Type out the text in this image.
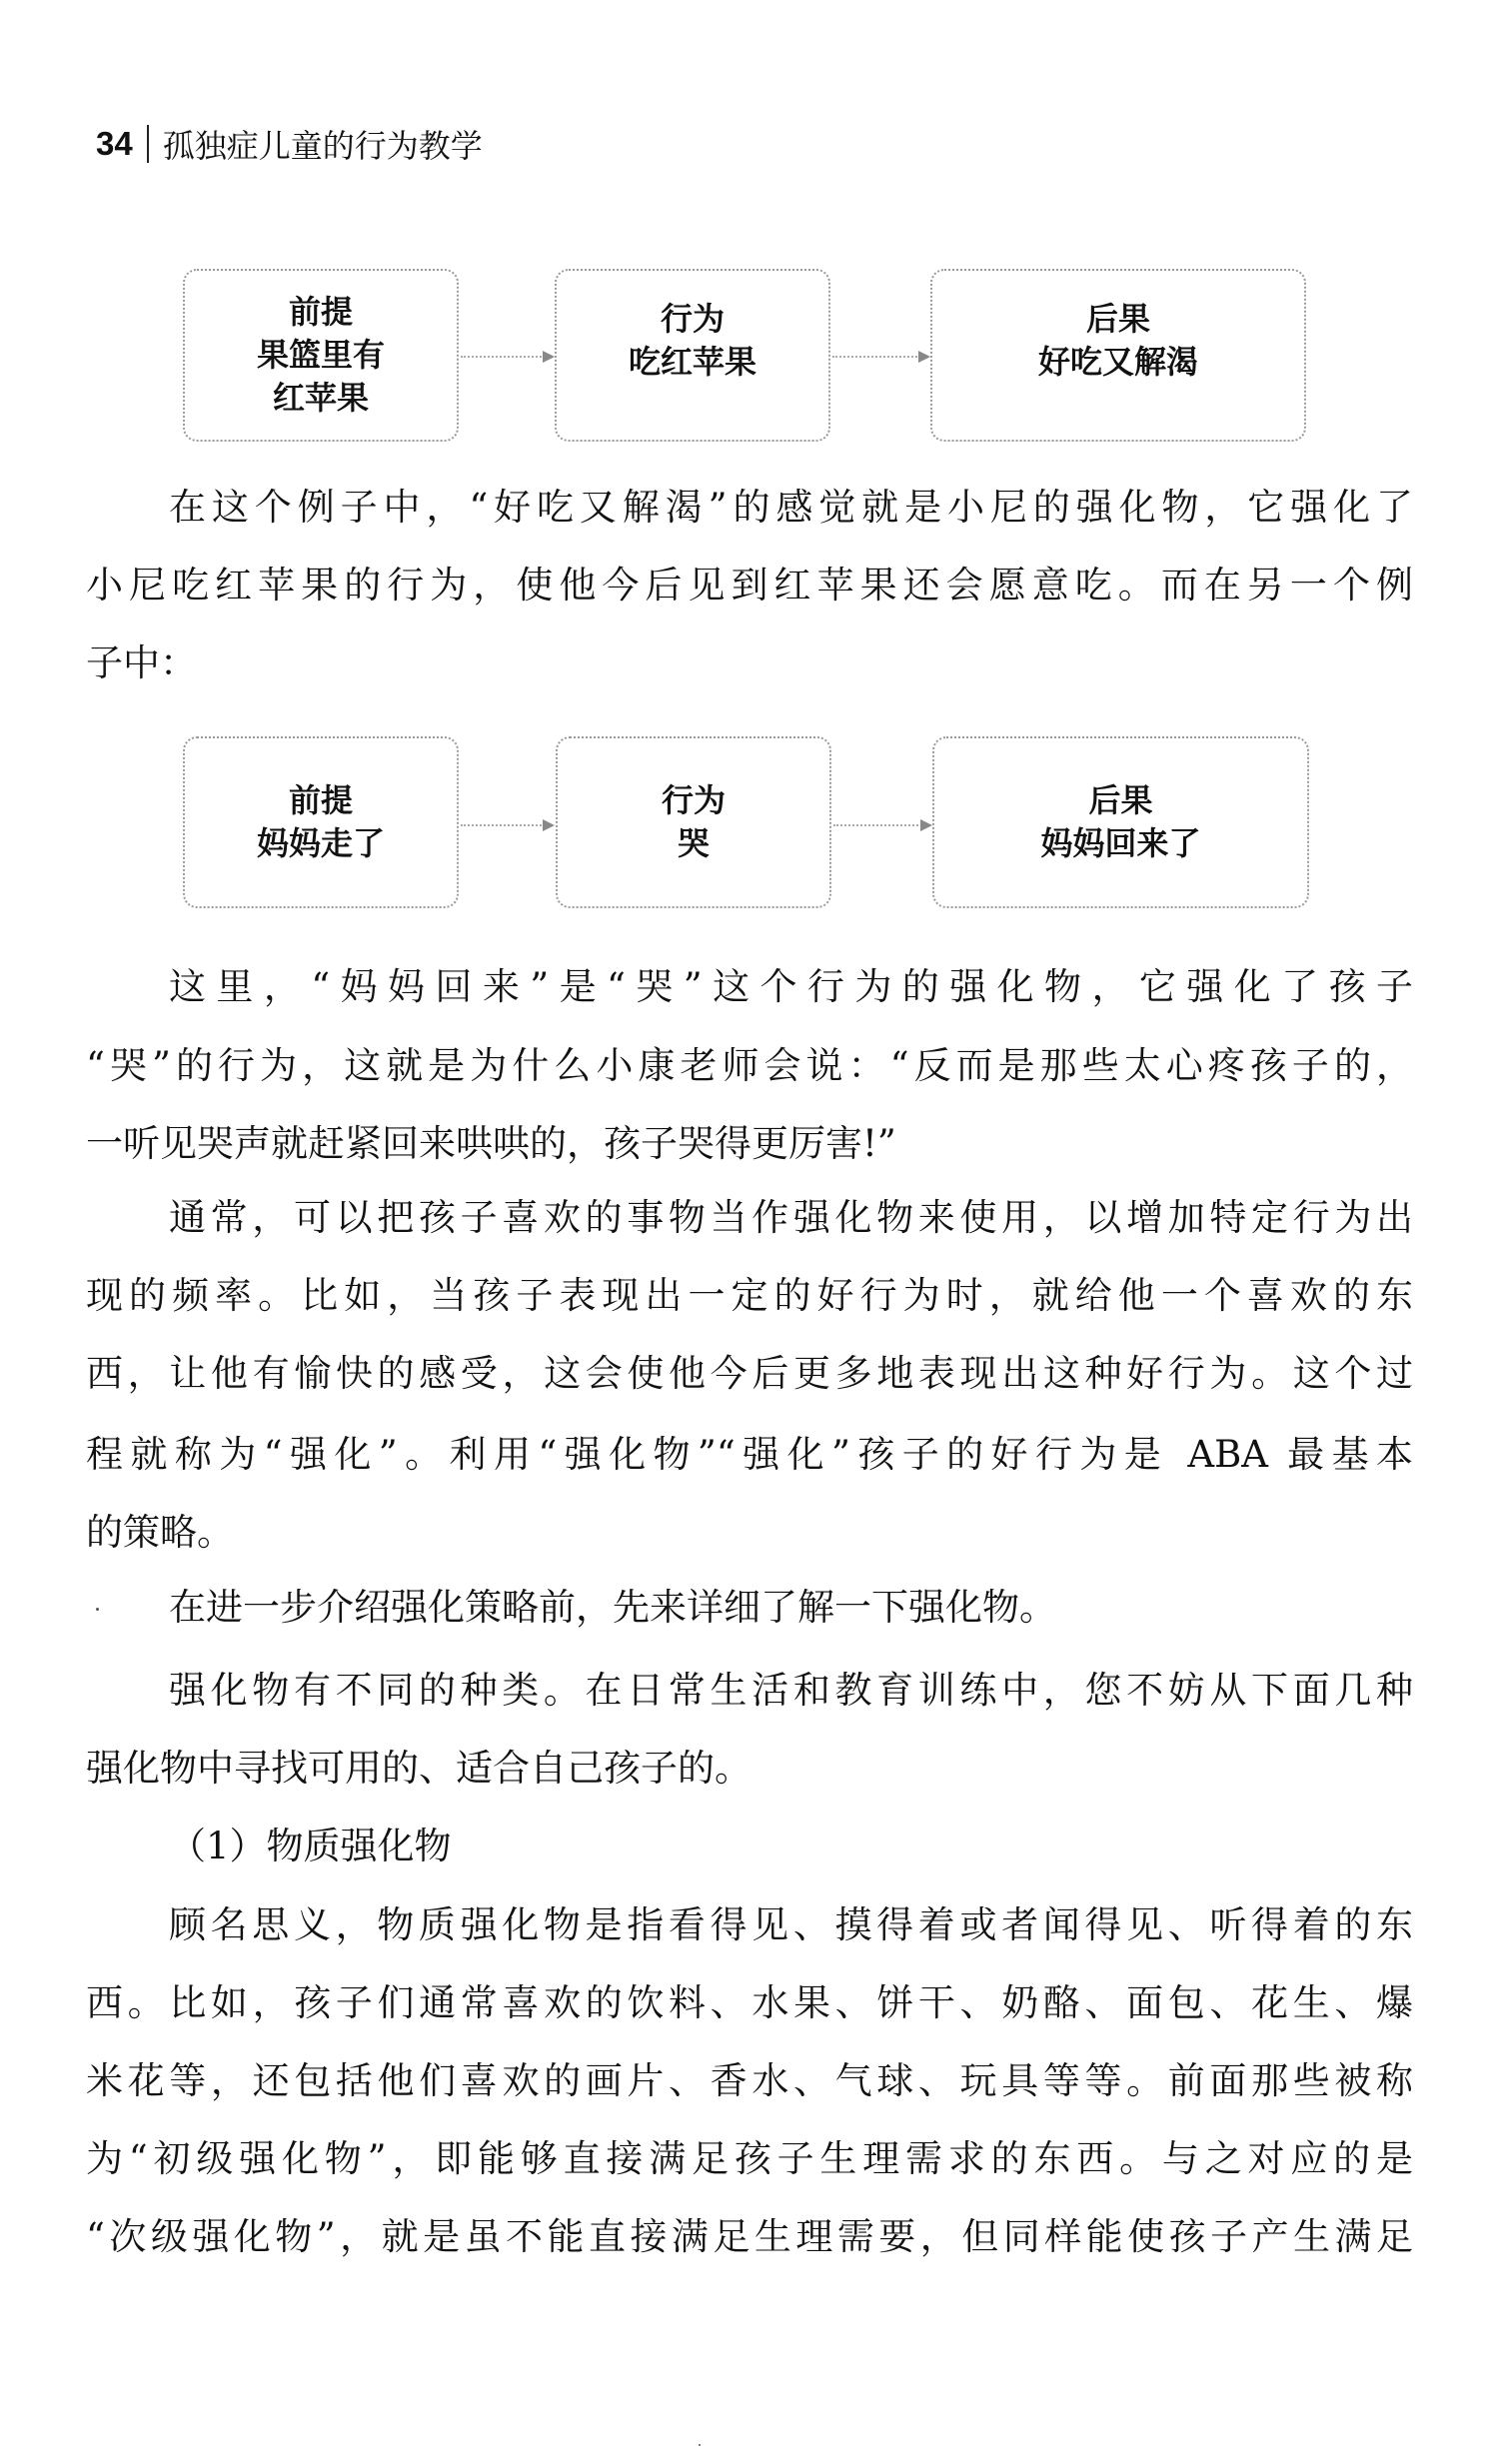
34 孤独症儿童的行为教学
前提
果篮里有
红苹果
行为
吃红苹果
后果
好吃又解渴
在这个例子中，“好吃又解渴”的感觉就是小尼的强化物，它强化了
小尼吃红苹果的行为，使他今后见到红苹果还会愿意吃。而在另一个例
子中：
前提
妈妈走了
行为
哭
后果
妈妈回来了
这里，“妈妈回来”是“哭”这个行为的强化物，它强化了孩子
“哭”的行为，这就是为什么小康老师会说：“反而是那些太心疼孩子的，
一听见哭声就赶紧回来哄哄的，孩子哭得更厉害!”
通常，可以把孩子喜欢的事物当作强化物来使用，以增加特定行为出
现的频率。比如，当孩子表现出一定的好行为时，就给他一个喜欢的东
西，让他有愉快的感受，这会使他今后更多地表现出这种好行为。这个过
程就称为“强化”。利用“强化物”“强化”孩子的好行为是 ABA 最基本
的策略。
在进一步介绍强化策略前，先来详细了解一下强化物。
强化物有不同的种类。在日常生活和教育训练中，您不妨从下面几种
强化物中寻找可用的、适合自己孩子的。
（1）物质强化物
顾名思义，物质强化物是指看得见、摸得着或者闻得见、听得着的东
西。比如，孩子们通常喜欢的饮料、水果、饼干、奶酪、面包、花生、爆
米花等，还包括他们喜欢的画片、香水、气球、玩具等等。前面那些被称
为“初级强化物”，即能够直接满足孩子生理需求的东西。与之对应的是
“次级强化物”，就是虽不能直接满足生理需要，但同样能使孩子产生满足
